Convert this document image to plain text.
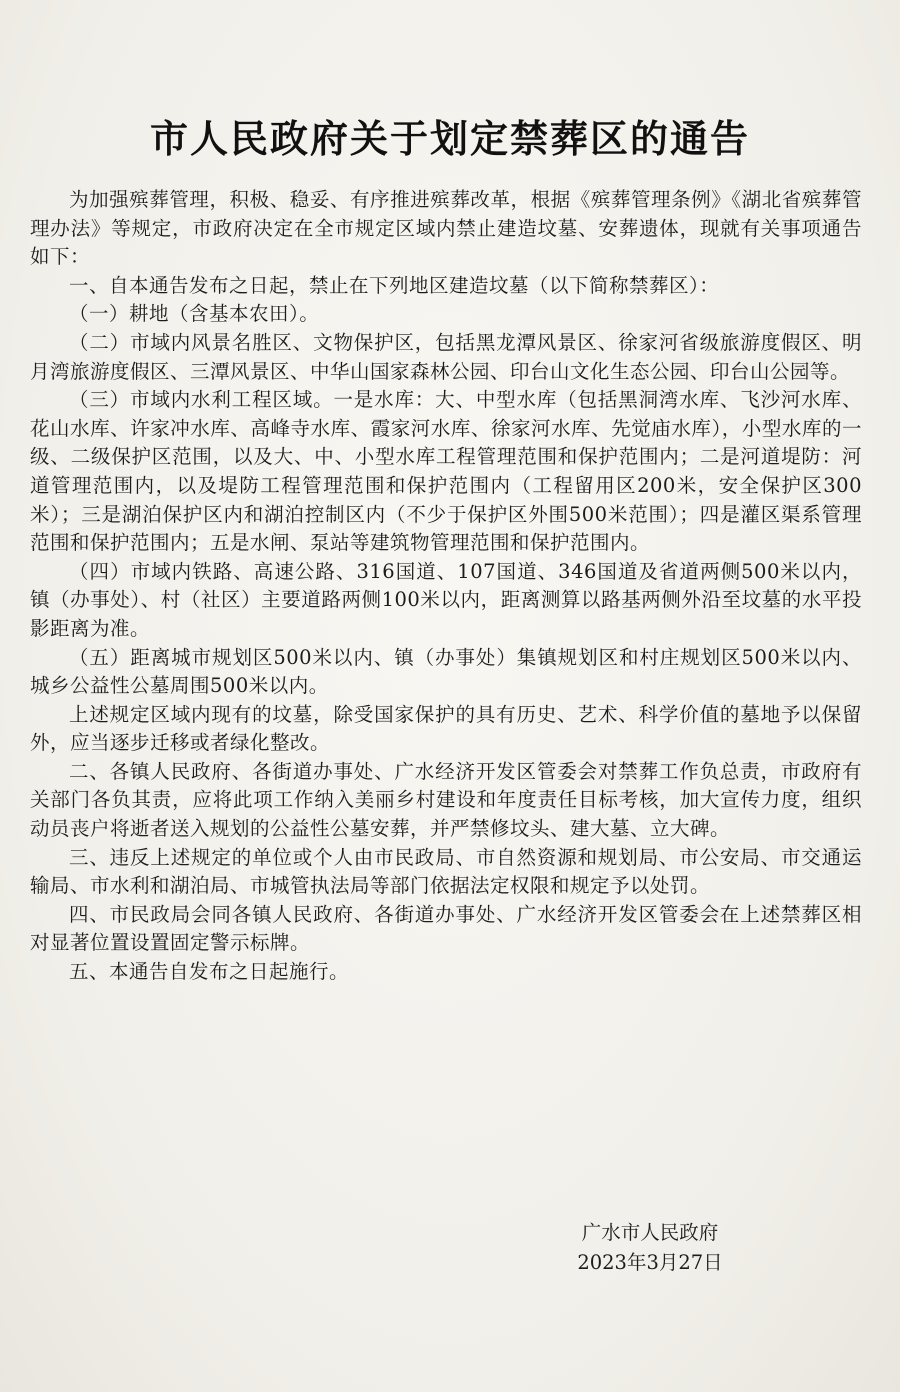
市人民政府关于划定禁葬区的通告

为加强殡葬管理，积极、稳妥、有序推进殡葬改革，根据《殡葬管理条例》《湖北省殡葬管理办法》等规定，市政府决定在全市规定区域内禁止建造坟墓、安葬遗体，现就有关事项通告如下：

一、自本通告发布之日起，禁止在下列地区建造坟墓（以下简称禁葬区）：

（一）耕地（含基本农田）。

（二）市域内风景名胜区、文物保护区，包括黑龙潭风景区、徐家河省级旅游度假区、明月湾旅游度假区、三潭风景区、中华山国家森林公园、印台山文化生态公园、印台山公园等。

（三）市域内水利工程区域。一是水库：大、中型水库（包括黑洞湾水库、飞沙河水库、花山水库、许家冲水库、高峰寺水库、霞家河水库、徐家河水库、先觉庙水库），小型水库的一级、二级保护区范围，以及大、中、小型水库工程管理范围和保护范围内；二是河道堤防：河道管理范围内，以及堤防工程管理范围和保护范围内（工程留用区200米，安全保护区300米）；三是湖泊保护区内和湖泊控制区内（不少于保护区外围500米范围）；四是灌区渠系管理范围和保护范围内；五是水闸、泵站等建筑物管理范围和保护范围内。

（四）市域内铁路、高速公路、316国道、107国道、346国道及省道两侧500米以内，镇（办事处）、村（社区）主要道路两侧100米以内，距离测算以路基两侧外沿至坟墓的水平投影距离为准。

（五）距离城市规划区500米以内、镇（办事处）集镇规划区和村庄规划区500米以内、城乡公益性公墓周围500米以内。

上述规定区域内现有的坟墓，除受国家保护的具有历史、艺术、科学价值的墓地予以保留外，应当逐步迁移或者绿化整改。

二、各镇人民政府、各街道办事处、广水经济开发区管委会对禁葬工作负总责，市政府有关部门各负其责，应将此项工作纳入美丽乡村建设和年度责任目标考核，加大宣传力度，组织动员丧户将逝者送入规划的公益性公墓安葬，并严禁修坟头、建大墓、立大碑。

三、违反上述规定的单位或个人由市民政局、市自然资源和规划局、市公安局、市交通运输局、市水利和湖泊局、市城管执法局等部门依据法定权限和规定予以处罚。

四、市民政局会同各镇人民政府、各街道办事处、广水经济开发区管委会在上述禁葬区相对显著位置设置固定警示标牌。

五、本通告自发布之日起施行。

广水市人民政府
2023年3月27日
